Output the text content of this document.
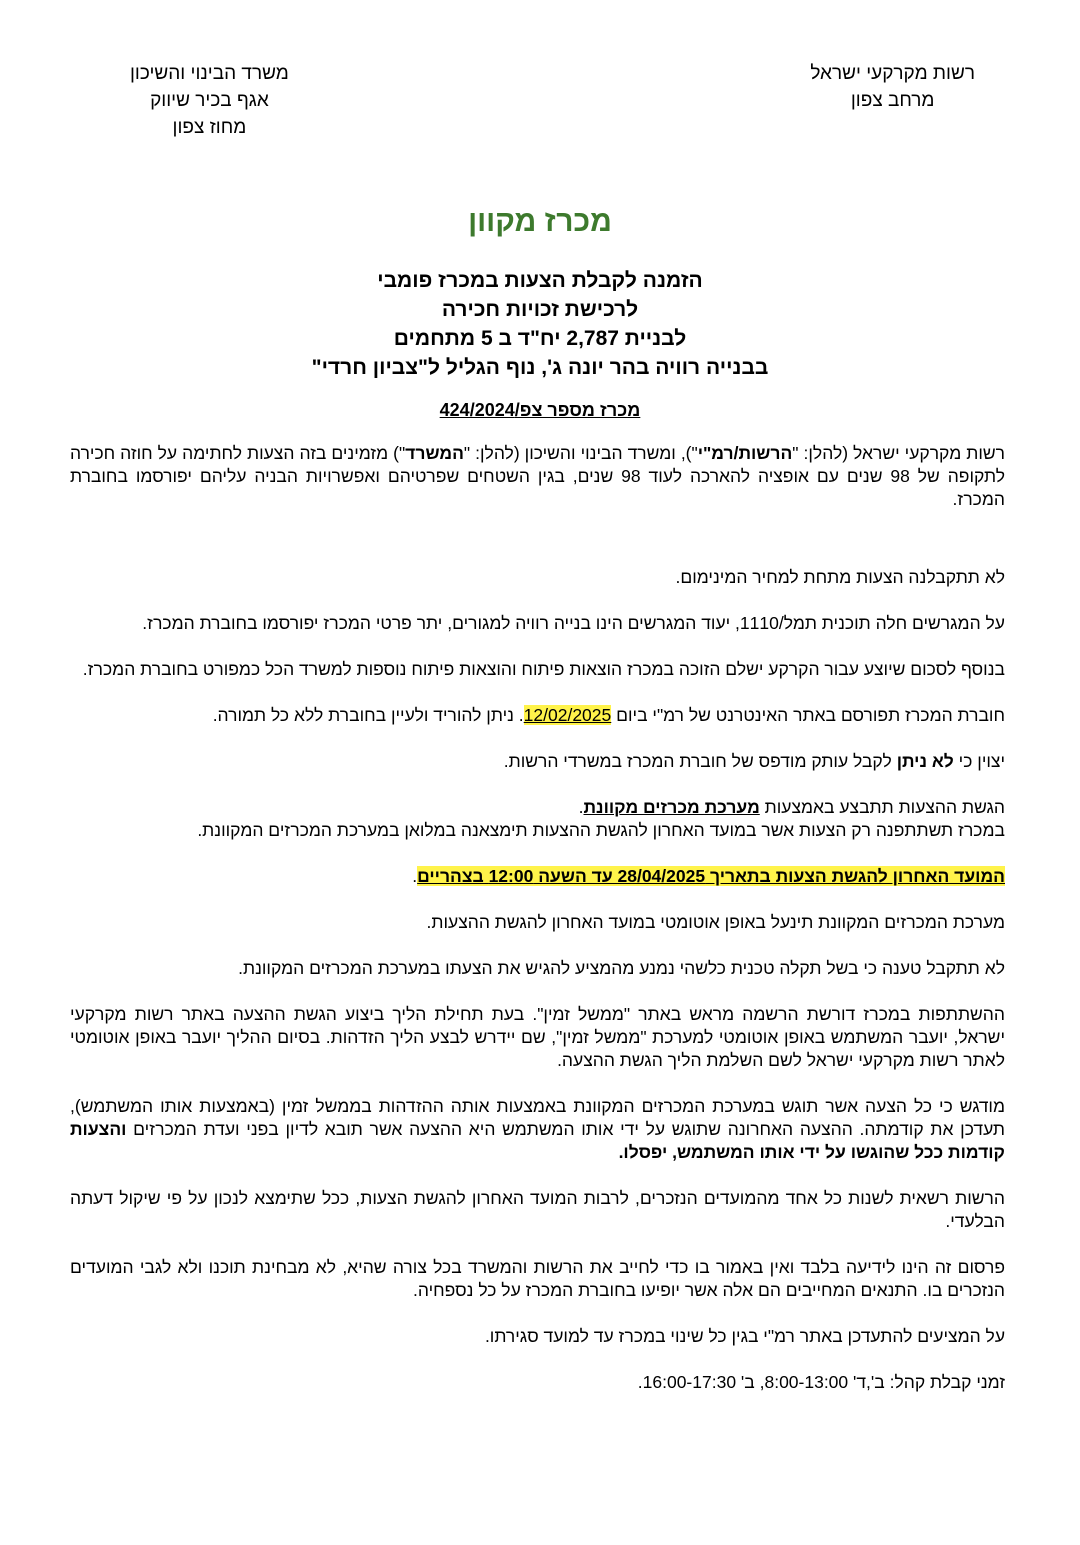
רשות מקרקעי ישראל
מרחב צפון
משרד הבינוי והשיכון
אגף בכיר שיווק
מחוז צפון
מכרז מקוון
הזמנה לקבלת הצעות במכרז פומבי
לרכישת זכויות חכירה
לבניית 2,787 יח"ד ב 5 מתחמים
בבנייה רוויה בהר יונה ג', נוף הגליל ל"צביון חרדי"
מכרז מספר צפ/424/2024

רשות מקרקעי ישראל (להלן: "הרשות/רמ"י"), ומשרד הבינוי והשיכון (להלן: "המשרד") מזמינים בזה הצעות לחתימה על חוזה חכירה לתקופה של 98 שנים עם אופציה להארכה לעוד 98 שנים, בגין השטחים שפרטיהם ואפשרויות הבניה עליהם יפורסמו בחוברת המכרז.

לא תתקבלנה הצעות מתחת למחיר המינימום.

על המגרשים חלה תוכנית תמל/1110, יעוד המגרשים הינו בנייה רוויה למגורים, יתר פרטי המכרז יפורסמו בחוברת המכרז.

בנוסף לסכום שיוצע עבור הקרקע ישלם הזוכה במכרז הוצאות פיתוח והוצאות פיתוח נוספות למשרד הכל כמפורט בחוברת המכרז.

חוברת המכרז תפורסם באתר האינטרנט של רמ"י ביום 12/02/2025. ניתן להוריד ולעיין בחוברת ללא כל תמורה.

יצוין כי לא ניתן לקבל עותק מודפס של חוברת המכרז במשרדי הרשות.

הגשת ההצעות תתבצע באמצעות מערכת מכרזים מקוונת.
במכרז תשתתפנה רק הצעות אשר במועד האחרון להגשת ההצעות תימצאנה במלואן במערכת המכרזים המקוונת.

המועד האחרון להגשת הצעות בתאריך 28/04/2025 עד השעה 12:00 בצהריים.

מערכת המכרזים המקוונת תינעל באופן אוטומטי במועד האחרון להגשת ההצעות.

לא תתקבל טענה כי בשל תקלה טכנית כלשהי נמנע מהמציע להגיש את הצעתו במערכת המכרזים המקוונת.

ההשתתפות במכרז דורשת הרשמה מראש באתר "ממשל זמין". בעת תחילת הליך ביצוע הגשת ההצעה באתר רשות מקרקעי ישראל, יועבר המשתמש באופן אוטומטי למערכת "ממשל זמין", שם יידרש לבצע הליך הזדהות. בסיום ההליך יועבר באופן אוטומטי לאתר רשות מקרקעי ישראל לשם השלמת הליך הגשת ההצעה.

מודגש כי כל הצעה אשר תוגש במערכת המכרזים המקוונת באמצעות אותה ההזדהות בממשל זמין (באמצעות אותו המשתמש), תעדכן את קודמתה. ההצעה האחרונה שתוגש על ידי אותו המשתמש היא ההצעה אשר תובא לדיון בפני ועדת המכרזים והצעות קודמות ככל שהוגשו על ידי אותו המשתמש, יפסלו.

הרשות רשאית לשנות כל אחד מהמועדים הנזכרים, לרבות המועד האחרון להגשת הצעות, ככל שתימצא לנכון על פי שיקול דעתה הבלעדי.

פרסום זה הינו לידיעה בלבד ואין באמור בו כדי לחייב את הרשות והמשרד בכל צורה שהיא, לא מבחינת תוכנו ולא לגבי המועדים הנזכרים בו. התנאים המחייבים הם אלה אשר יופיעו בחוברת המכרז על כל נספחיה.

על המציעים להתעדכן באתר רמ"י בגין כל שינוי במכרז עד למועד סגירתו.

זמני קבלת קהל: ב',ד' 8:00-13:00, ב' 16:00-17:30.
